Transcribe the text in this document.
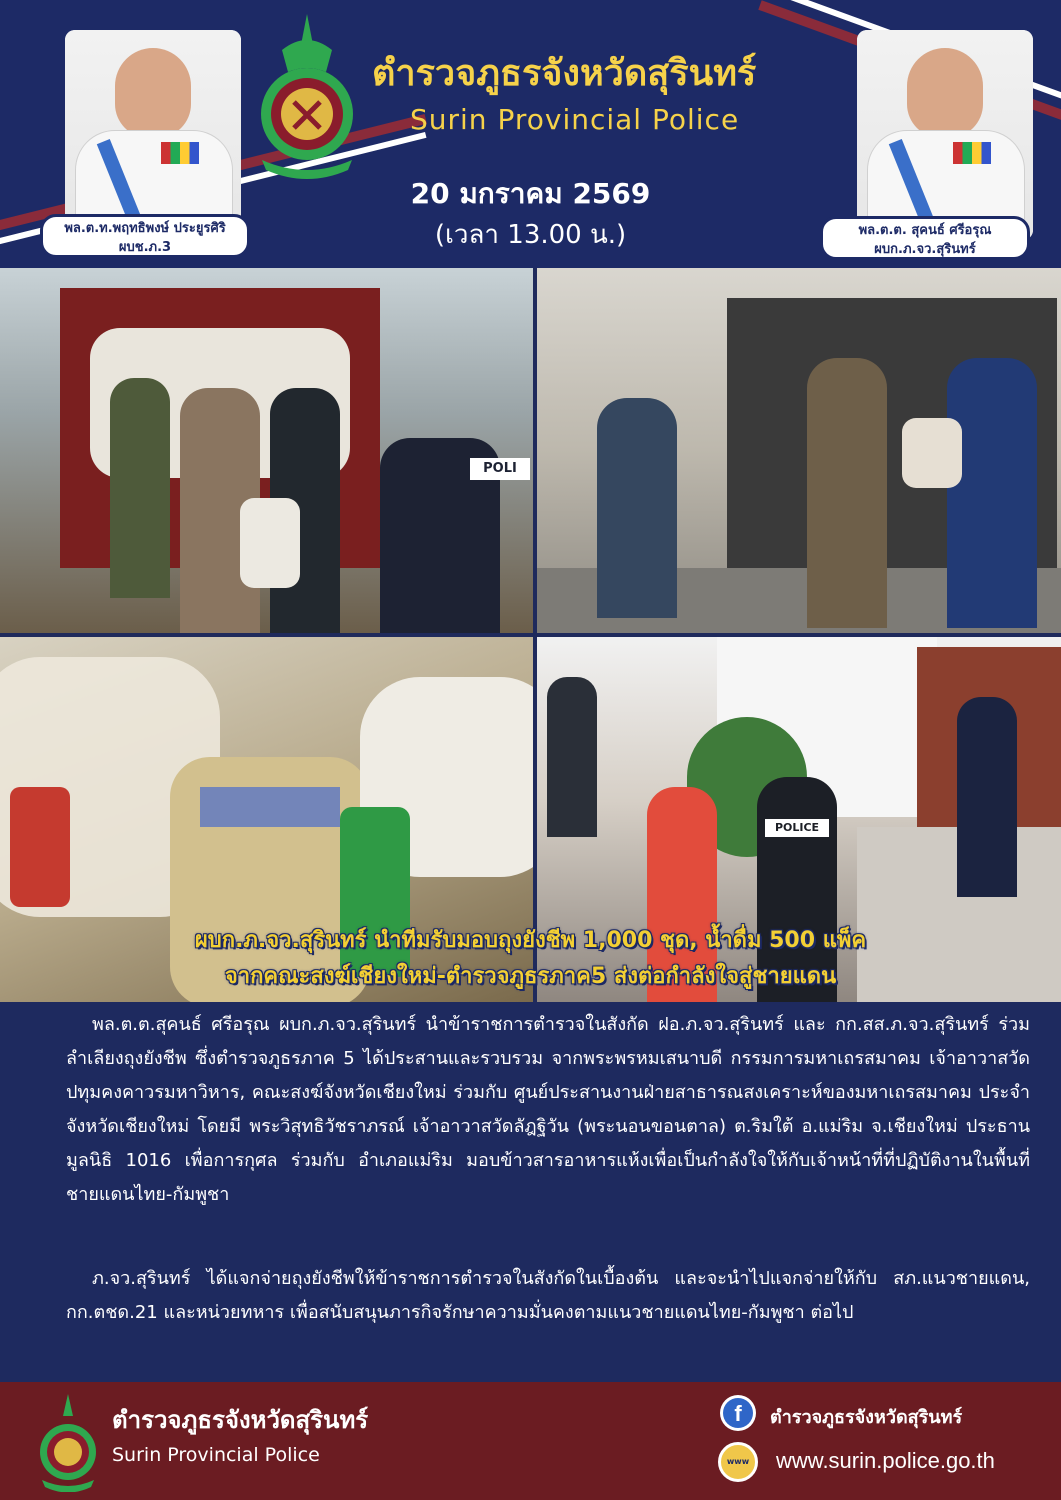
ตำรวจภูธรจังหวัดสุรินทร์
Surin Provincial Police
20 มกราคม 2569
(เวลา 13.00 น.)
พล.ต.ท.พฤทธิพงษ์ ประยูรศิริ
ผบช.ภ.3
พล.ต.ต. สุคนธ์ ศรีอรุณ
ผบก.ภ.จว.สุรินทร์
POLI
POLICE
ผบก.ภ.จว.สุรินทร์ นำทีมรับมอบถุงยังชีพ 1,000 ชุด, น้ำดื่ม 500 แพ็ค
จากคณะสงฆ์เชียงใหม่-ตำรวจภูธรภาค5 ส่งต่อกำลังใจสู่ชายแดน
พล.ต.ต.สุคนธ์ ศรีอรุณ ผบก.ภ.จว.สุรินทร์ นำข้าราชการตำรวจในสังกัด ฝอ.ภ.จว.สุรินทร์ และ กก.สส.ภ.จว.สุรินทร์ ร่วมลำเลียงถุงยังชีพ ซึ่งตำรวจภูธรภาค 5 ได้ประสานและรวบรวม จากพระพรหมเสนาบดี กรรมการมหาเถรสมาคม เจ้าอาวาสวัดปทุมคงคาวรมหาวิหาร, คณะสงฆ์จังหวัดเชียงใหม่ ร่วมกับ ศูนย์ประสานงานฝ่ายสาธารณสงเคราะห์ของมหาเถรสมาคม ประจำจังหวัดเชียงใหม่ โดยมี พระวิสุทธิวัชราภรณ์ เจ้าอาวาสวัดลัฎฐิวัน (พระนอนขอนตาล) ต.ริมใต้ อ.แม่ริม จ.เชียงใหม่ ประธานมูลนิธิ 1016 เพื่อการกุศล ร่วมกับ อำเภอแม่ริม มอบข้าวสารอาหารแห้งเพื่อเป็นกำลังใจให้กับเจ้าหน้าที่ที่ปฏิบัติงานในพื้นที่ชายแดนไทย-กัมพูชา
ภ.จว.สุรินทร์ ได้แจกจ่ายถุงยังชีพให้ข้าราชการตำรวจในสังกัดในเบื้องต้น และจะนำไปแจกจ่ายให้กับ สภ.แนวชายแดน, กก.ตชด.21 และหน่วยทหาร เพื่อสนับสนุนภารกิจรักษาความมั่นคงตามแนวชายแดนไทย-กัมพูชา ต่อไป
ตำรวจภูธรจังหวัดสุรินทร์
Surin Provincial Police
f	ตำรวจภูธรจังหวัดสุรินทร์
www www.surin.police.go.th
